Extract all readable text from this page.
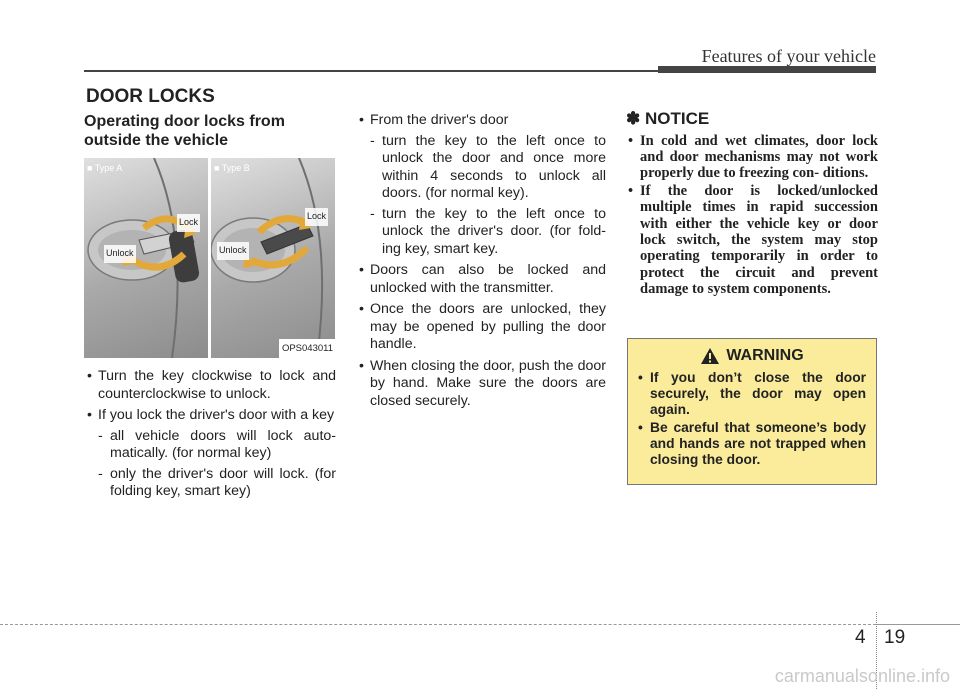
Features of your vehicle
DOOR LOCKS
Operating door locks from outside the vehicle
■ Type A
Lock
Unlock
■ Type B
Lock
Unlock
OPS043011
• Turn the key clockwise to lock and counterclockwise to unlock.
• If you lock the driver's door with a key
- all vehicle doors will lock auto- matically. (for normal key)
- only the driver's door will lock. (for folding key, smart key)
• From the driver's door
- turn the key to the left once to unlock the door and once more within 4 seconds to unlock all doors. (for normal key).
- turn the key to the left once to unlock the driver's door. (for fold- ing key, smart key.
• Doors can also be locked and unlocked with the transmitter.
• Once the doors are unlocked, they may be opened by pulling the door handle.
• When closing the door, push the door by hand. Make sure the doors are closed securely.
✽ NOTICE
• In cold and wet climates, door lock and door mechanisms may not work properly due to freezing con- ditions.
• If the door is locked/unlocked multiple times in rapid succession with either the vehicle key or door lock switch, the system may stop operating temporarily in order to protect the circuit and prevent damage to system components.
WARNING
• If you don’t close the door securely, the door may open again.
• Be careful that someone’s body and hands are not trapped when closing the door.
4 19
carmanualsonline.info
